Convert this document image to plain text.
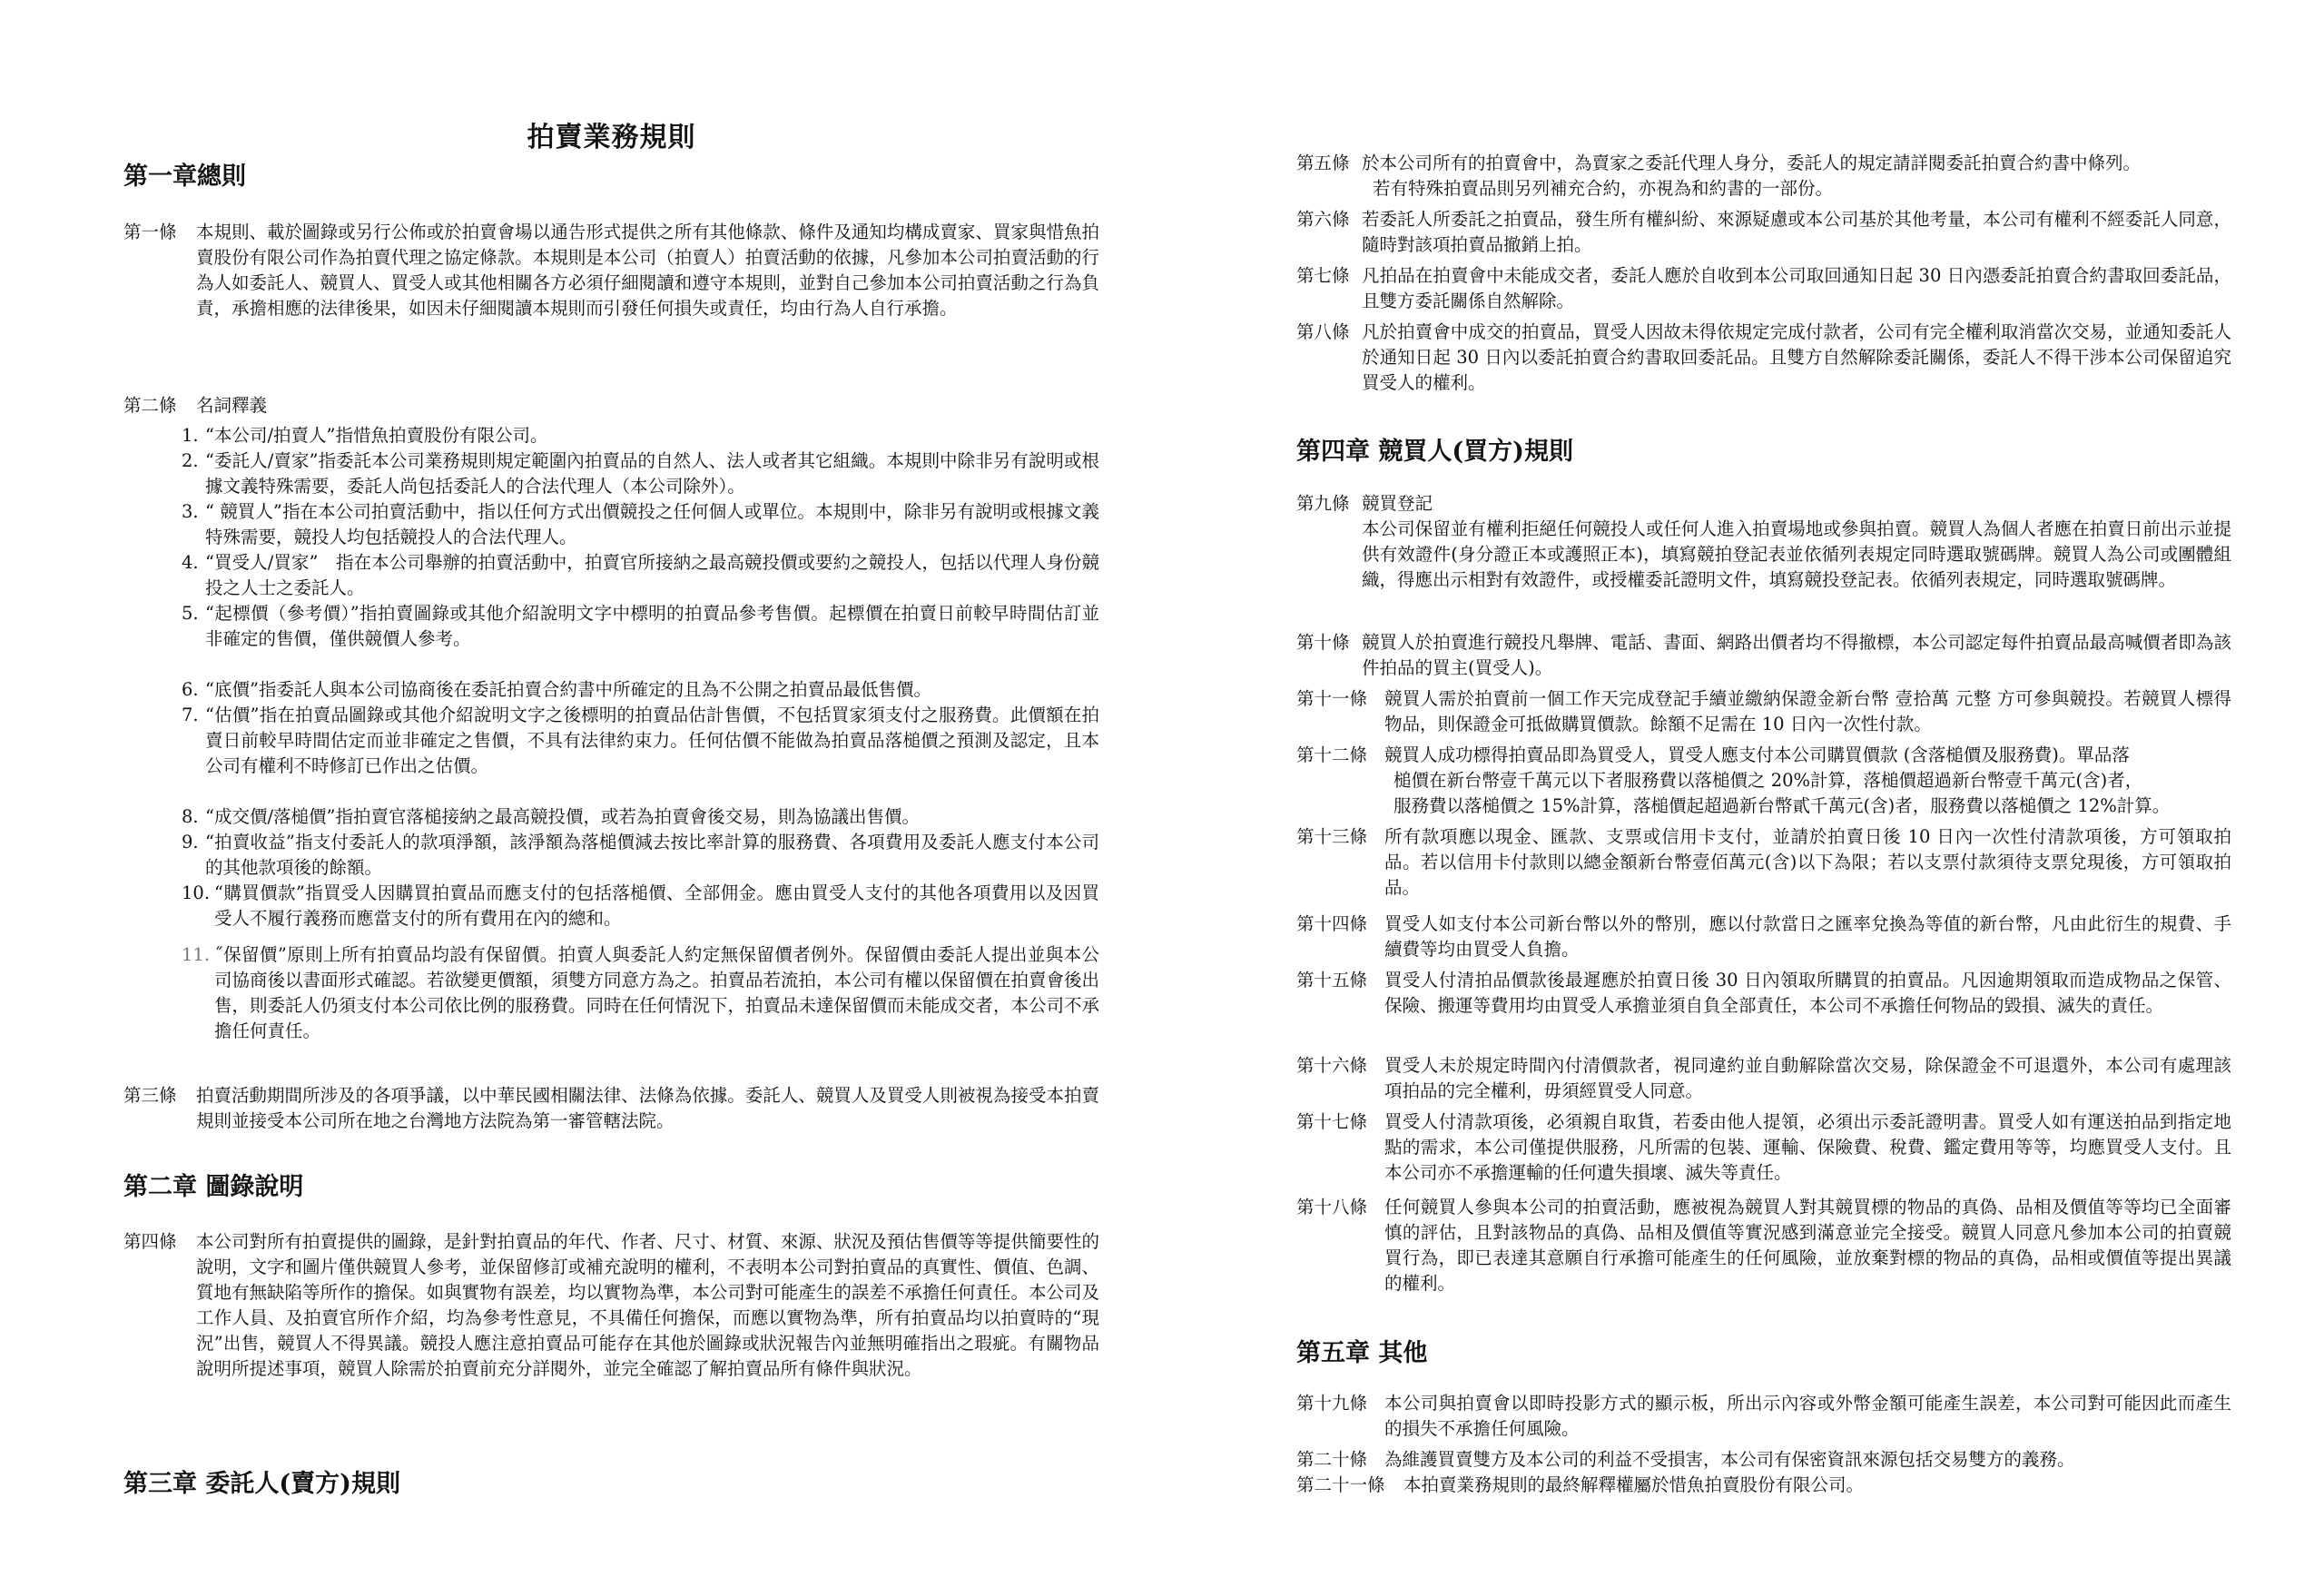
拍賣業務規則
第一章總則
第一條	本規則、載於圖錄或另行公佈或於拍賣會場以通告形式提供之所有其他條款、條件及通知均構成賣家、買家與惜魚拍賣股份有限公司作為拍賣代理之協定條款。本規則是本公司（拍賣人）拍賣活動的依據，凡參加本公司拍賣活動的行為人如委託人、競買人、買受人或其他相關各方必須仔細閱讀和遵守本規則，並對自己參加本公司拍賣活動之行為負責，承擔相應的法律後果，如因未仔細閱讀本規則而引發任何損失或責任，均由行為人自行承擔。
第二條	名詞釋義
1. “本公司/拍賣人”指惜魚拍賣股份有限公司。
2. “委託人/賣家”指委託本公司業務規則規定範圍內拍賣品的自然人、法人或者其它組織。本規則中除非另有說明或根據文義特殊需要，委託人尚包括委託人的合法代理人（本公司除外）。
3. “ 競買人”指在本公司拍賣活動中，指以任何方式出價競投之任何個人或單位。本規則中，除非另有說明或根據文義特殊需要，競投人均包括競投人的合法代理人。
4. “買受人/買家”　指在本公司舉辦的拍賣活動中，拍賣官所接納之最高競投價或要約之競投人，包括以代理人身份競投之人士之委託人。
5. “起標價（參考價）”指拍賣圖錄或其他介紹說明文字中標明的拍賣品參考售價。起標價在拍賣日前較早時間估訂並非確定的售價，僅供競價人參考。
6. “底價”指委託人與本公司協商後在委託拍賣合約書中所確定的且為不公開之拍賣品最低售價。
7. “估價”指在拍賣品圖錄或其他介紹說明文字之後標明的拍賣品估計售價，不包括買家須支付之服務費。此價額在拍賣日前較早時間估定而並非確定之售價，不具有法律約束力。任何估價不能做為拍賣品落槌價之預測及認定，且本公司有權利不時修訂已作出之估價。
8. “成交價/落槌價”指拍賣官落槌接納之最高競投價，或若為拍賣會後交易，則為協議出售價。
9. “拍賣收益”指支付委託人的款項淨額，該淨額為落槌價減去按比率計算的服務費、各項費用及委託人應支付本公司的其他款項後的餘額。
10. “購買價款”指買受人因購買拍賣品而應支付的包括落槌價、全部佣金。應由買受人支付的其他各項費用以及因買受人不履行義務而應當支付的所有費用在內的總和。
11. ˝保留價”原則上所有拍賣品均設有保留價。拍賣人與委託人約定無保留價者例外。保留價由委託人提出並與本公司協商後以書面形式確認。若欲變更價額，須雙方同意方為之。拍賣品若流拍，本公司有權以保留價在拍賣會後出售，則委託人仍須支付本公司依比例的服務費。同時在任何情況下，拍賣品未達保留價而未能成交者，本公司不承擔任何責任。
第三條	拍賣活動期間所涉及的各項爭議，以中華民國相關法律、法條為依據。委託人、競買人及買受人則被視為接受本拍賣規則並接受本公司所在地之台灣地方法院為第一審管轄法院。
第二章 圖錄說明
第四條	本公司對所有拍賣提供的圖錄，是針對拍賣品的年代、作者、尺寸、材質、來源、狀況及預估售價等等提供簡要性的說明，文字和圖片僅供競買人參考，並保留修訂或補充說明的權利，不表明本公司對拍賣品的真實性、價值、色調、質地有無缺陷等所作的擔保。如與實物有誤差，均以實物為準，本公司對可能產生的誤差不承擔任何責任。本公司及工作人員、及拍賣官所作介紹，均為參考性意見，不具備任何擔保，而應以實物為準，所有拍賣品均以拍賣時的“現況”出售，競買人不得異議。競投人應注意拍賣品可能存在其他於圖錄或狀況報告內並無明確指出之瑕疵。有關物品說明所提述事項，競買人除需於拍賣前充分詳閱外，並完全確認了解拍賣品所有條件與狀況。
第三章 委託人(賣方)規則
第五條 於本公司所有的拍賣會中，為賣家之委託代理人身分，委託人的規定請詳閱委託拍賣合約書中條列。
若有特殊拍賣品則另列補充合約，亦視為和約書的一部份。
第六條 若委託人所委託之拍賣品，發生所有權糾紛、來源疑慮或本公司基於其他考量，本公司有權利不經委託人同意，隨時對該項拍賣品撤銷上拍。
第七條 凡拍品在拍賣會中未能成交者，委託人應於自收到本公司取回通知日起 30 日內憑委託拍賣合約書取回委託品，且雙方委託關係自然解除。
第八條 凡於拍賣會中成交的拍賣品，買受人因故未得依規定完成付款者，公司有完全權利取消當次交易，並通知委託人於通知日起 30 日內以委託拍賣合約書取回委託品。且雙方自然解除委託關係，委託人不得干涉本公司保留追究買受人的權利。
第四章 競買人(買方)規則
第九條 競買登記
本公司保留並有權利拒絕任何競投人或任何人進入拍賣場地或參與拍賣。競買人為個人者應在拍賣日前出示並提供有效證件(身分證正本或護照正本)，填寫競拍登記表並依循列表規定同時選取號碼牌。競買人為公司或團體組織，得應出示相對有效證件，或授權委託證明文件，填寫競投登記表。依循列表規定，同時選取號碼牌。
第十條 競買人於拍賣進行競投凡舉牌、電話、書面、網路出價者均不得撤標，本公司認定每件拍賣品最高喊價者即為該件拍品的買主(買受人)。
第十一條 競買人需於拍賣前一個工作天完成登記手續並繳納保證金新台幣 壹拾萬 元整 方可參與競投。若競買人標得物品，則保證金可抵做購買價款。餘額不足需在 10 日內一次性付款。
第十二條 競買人成功標得拍賣品即為買受人，買受人應支付本公司購買價款 (含落槌價及服務費)。單品落
槌價在新台幣壹千萬元以下者服務費以落槌價之 20%計算，落槌價超過新台幣壹千萬元(含)者，
服務費以落槌價之 15%計算，落槌價起超過新台幣貳千萬元(含)者，服務費以落槌價之 12%計算。
第十三條 所有款項應以現金、匯款、支票或信用卡支付，並請於拍賣日後 10 日內一次性付清款項後，方可領取拍品。若以信用卡付款則以總金額新台幣壹佰萬元(含)以下為限；若以支票付款須待支票兌現後，方可領取拍品。
第十四條 買受人如支付本公司新台幣以外的幣別，應以付款當日之匯率兌換為等值的新台幣，凡由此衍生的規費、手續費等均由買受人負擔。
第十五條 買受人付清拍品價款後最遲應於拍賣日後 30 日內領取所購買的拍賣品。凡因逾期領取而造成物品之保管、保險、搬運等費用均由買受人承擔並須自負全部責任，本公司不承擔任何物品的毀損、滅失的責任。
第十六條 買受人未於規定時間內付清價款者，視同違約並自動解除當次交易，除保證金不可退還外，本公司有處理該項拍品的完全權利，毋須經買受人同意。
第十七條 買受人付清款項後，必須親自取貨，若委由他人提領，必須出示委託證明書。買受人如有運送拍品到指定地點的需求，本公司僅提供服務，凡所需的包裝、運輸、保險費、稅費、鑑定費用等等，均應買受人支付。且本公司亦不承擔運輸的任何遺失損壞、滅失等責任。
第十八條 任何競買人參與本公司的拍賣活動，應被視為競買人對其競買標的物品的真偽、品相及價值等等均已全面審慎的評估，且對該物品的真偽、品相及價值等實況感到滿意並完全接受。競買人同意凡參加本公司的拍賣競買行為，即已表達其意願自行承擔可能產生的任何風險，並放棄對標的物品的真偽，品相或價值等提出異議的權利。
第五章 其他
第十九條 本公司與拍賣會以即時投影方式的顯示板，所出示內容或外幣金額可能產生誤差，本公司對可能因此而產生的損失不承擔任何風險。
第二十條 為維護買賣雙方及本公司的利益不受損害，本公司有保密資訊來源包括交易雙方的義務。
第二十一條	本拍賣業務規則的最終解釋權屬於惜魚拍賣股份有限公司。
